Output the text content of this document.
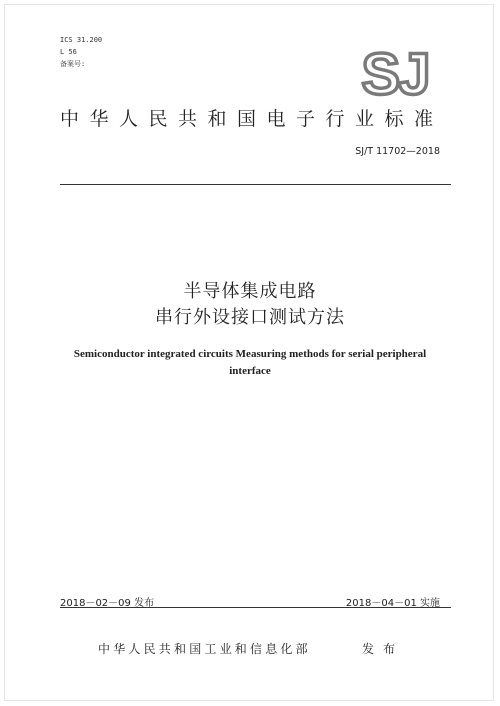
ICS 31.200
L 56
备案号:	SJ
中华人民共和国电子行业标准
SJ/T 11702—2018
半导体集成电路
串行外设接口测试方法
Semiconductor integrated circuits Measuring methods for serial peripheral
interface
2018－02－09 发布	2018－04－01 实施
中华人民共和国工业和信息化部	发布
